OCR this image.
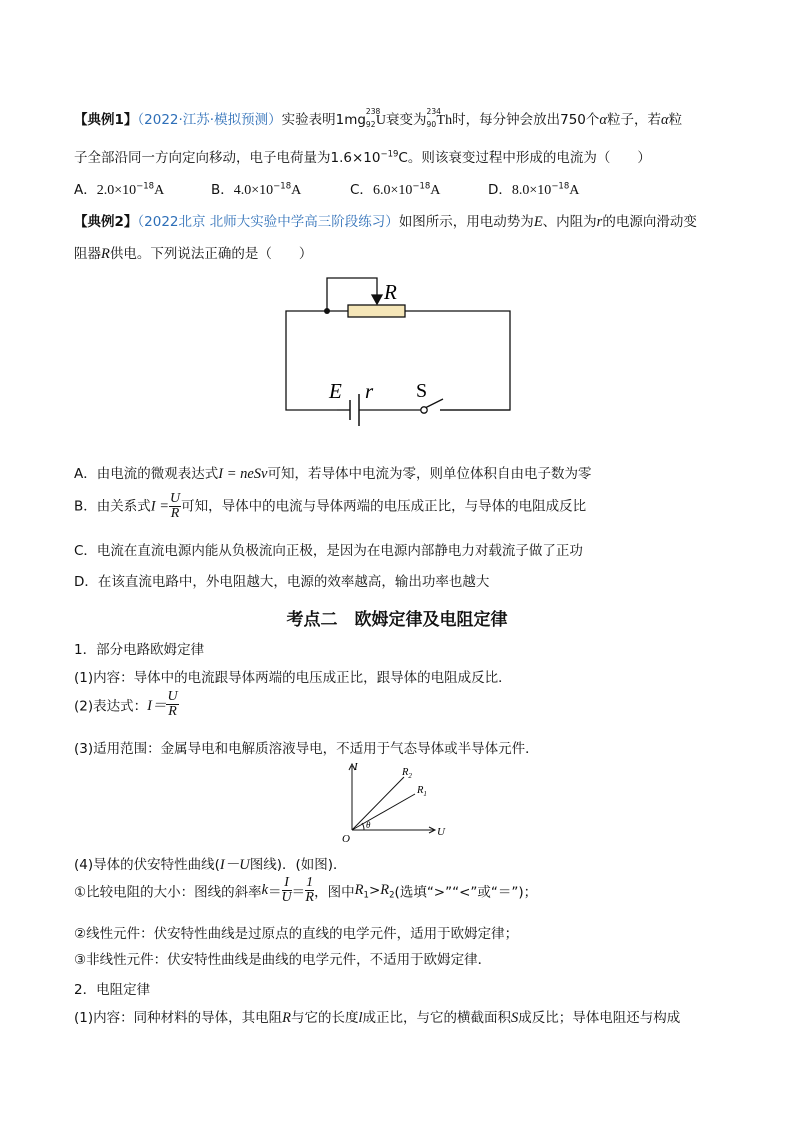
【典例1】（2022·江苏·模拟预测）实验表明1mg
238
92 U衰变为
234
90 Th时，每分钟会放出750个α粒子，若α粒
子全部沿同一方向定向移动，电子电荷量为$1.6\times 10^{-19}C$。则该衰变过程中形成的电流为（　　）
A．$2.0\times 10^{-18}A$	B．$4.0\times 10^{-18}A$	C．$6.0\times 10^{-18}A$	D．$8.0\times 10^{-18}A$
【典例2】（2022北京 北师大实验中学高三阶段练习）如图所示，用电动势为E、内阻为r的电源向滑动变
阻器R供电。下列说法正确的是（　　）
R
E r S
A．由电流的微观表达式I = neSv可知，若导体中电流为零，则单位体积自由电子数为零
B．由关系式$I = \frac{U}{R}$ 可知，导体中的电流与导体两端的电压成正比，与导体的电阻成反比
C．电流在直流电源内能从负极流向正极，是因为在电源内部静电力对载流子做了正功
D．在该直流电路中，外电阻越大，电源的效率越高，输出功率也越大
考点二　欧姆定律及电阻定律
1．部分电路欧姆定律
(1)内容：导体中的电流跟导体两端的电压成正比，跟导体的电阻成反比．
(2)表达式：$I= \frac{U}{R}$
(3)适用范围：金属导电和电解质溶液导电，不适用于气态导体或半导体元件．
I
U
O
$R_2$
$R_1$
θ
(4)导体的伏安特性曲线(I－U图线)．(如图)．
①比较电阻的大小：图线的斜率$k= \frac{I}{U} = \frac{1}{R}$ ，图中$R_1>R_2$(选填“>”“<”或“＝”)；
②线性元件：伏安特性曲线是过原点的直线的电学元件，适用于欧姆定律；
③非线性元件：伏安特性曲线是曲线的电学元件，不适用于欧姆定律．
2．电阻定律
(1)内容：同种材料的导体，其电阻R与它的长度l成正比，与它的横截面积S成反比；导体电阻还与构成
